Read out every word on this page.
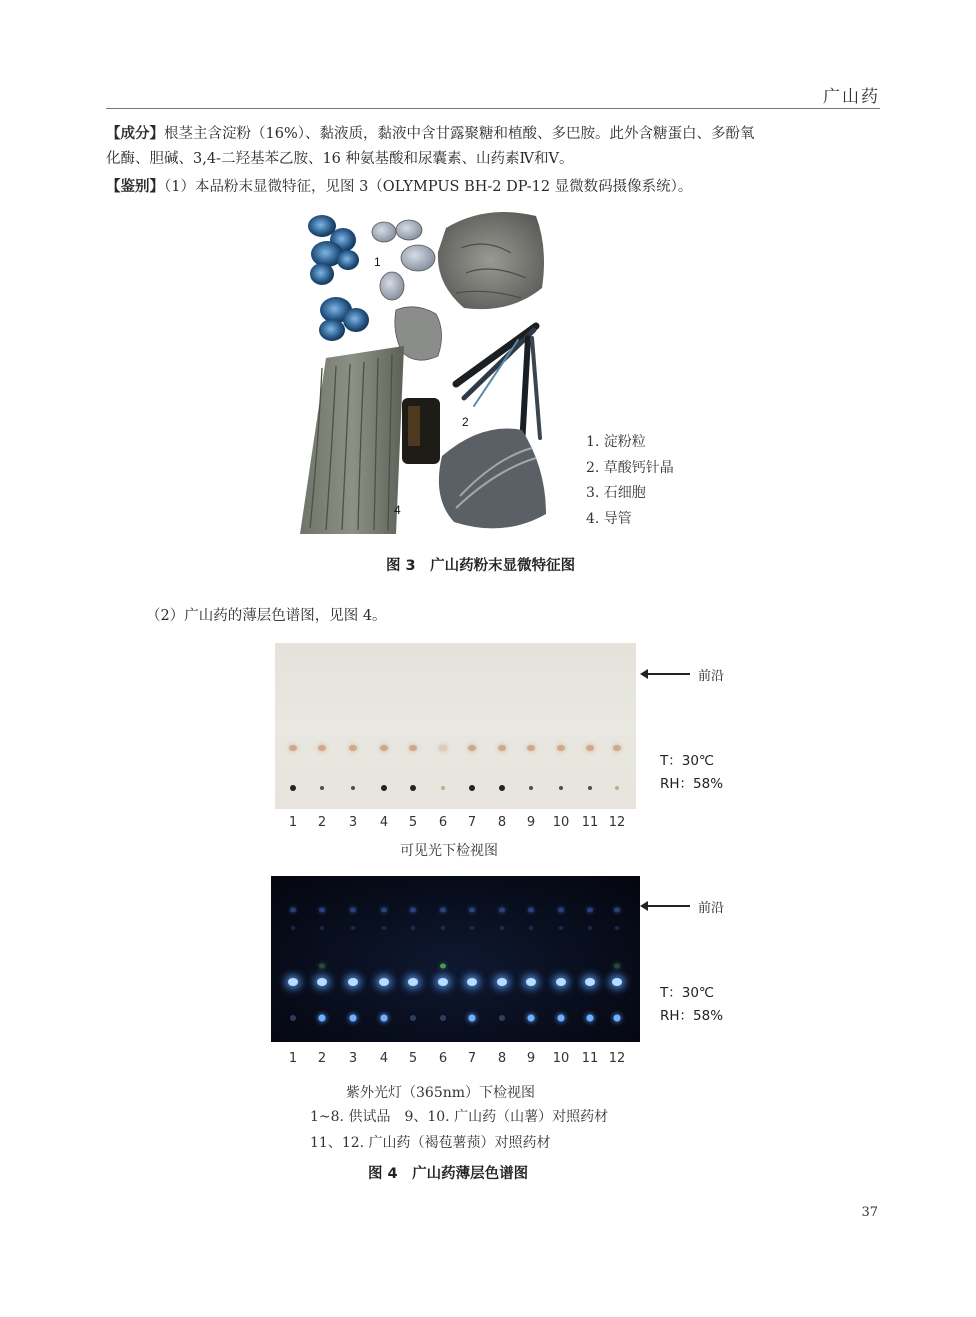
广山药
【成分】根茎主含淀粉（16%）、黏液质，黏液中含甘露聚糖和植酸、多巴胺。此外含糖蛋白、多酚氧
化酶、胆碱、3,4-二羟基苯乙胺、16 种氨基酸和尿囊素、山药素Ⅳ和Ⅴ。
【鉴别】（1）本品粉末显微特征，见图 3（OLYMPUS BH-2 DP-12 显微数码摄像系统）。
1
2
3
4
1. 淀粉粒
2. 草酸钙针晶
3. 石细胞
4. 导管
图 3　广山药粉末显微特征图
（2）广山药的薄层色谱图，见图 4。
1 2 3 4 5 6 7 8 9 10 11 12
前沿
T：30℃
RH：58%
可见光下检视图
1 2 3 4 5 6 7 8 9 10 11 12
前沿
T：30℃
RH：58%
紫外光灯（365nm）下检视图
1~8. 供试品　9、10. 广山药（山薯）对照药材
11、12. 广山药（褐苞薯蓣）对照药材
图 4　广山药薄层色谱图
37
